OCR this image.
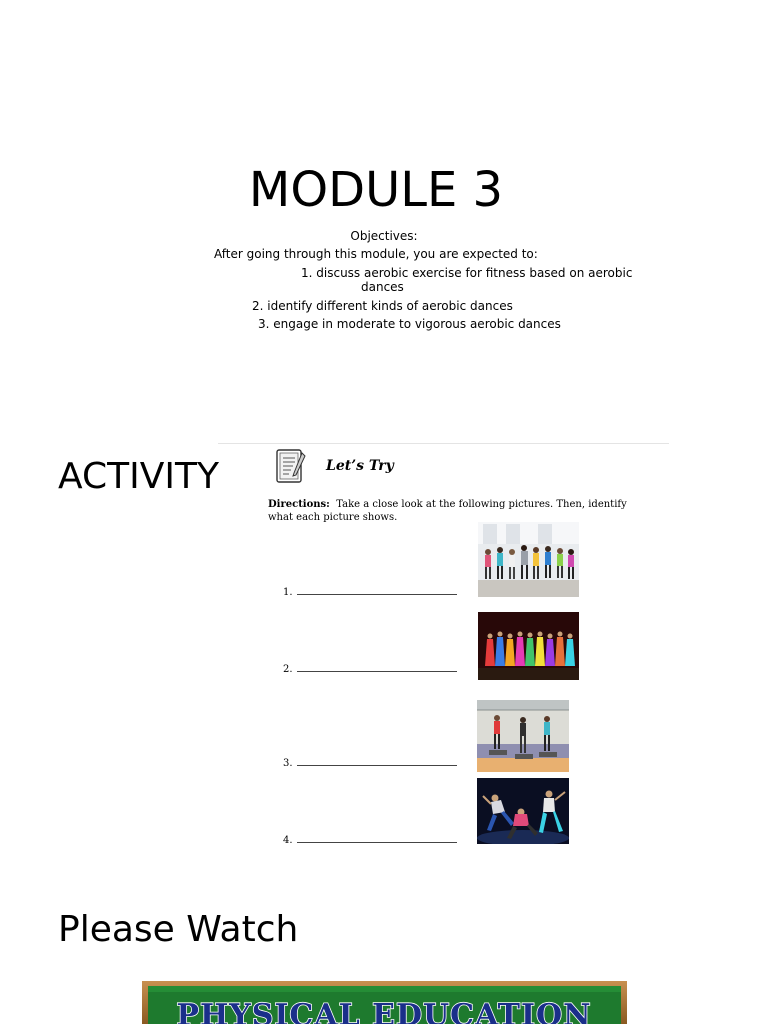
MODULE 3
Objectives:
After going through this module, you are expected to:
1. discuss aerobic exercise for fitness based on aerobic
dances
2. identify different kinds of aerobic dances
3. engage in moderate to vigorous aerobic dances
ACTIVITY	Let’s Try
Directions: Take a close look at the following pictures. Then, identify what each picture shows.
1.
2.
3.
4.
Please Watch
PHYSICAL EDUCATION
